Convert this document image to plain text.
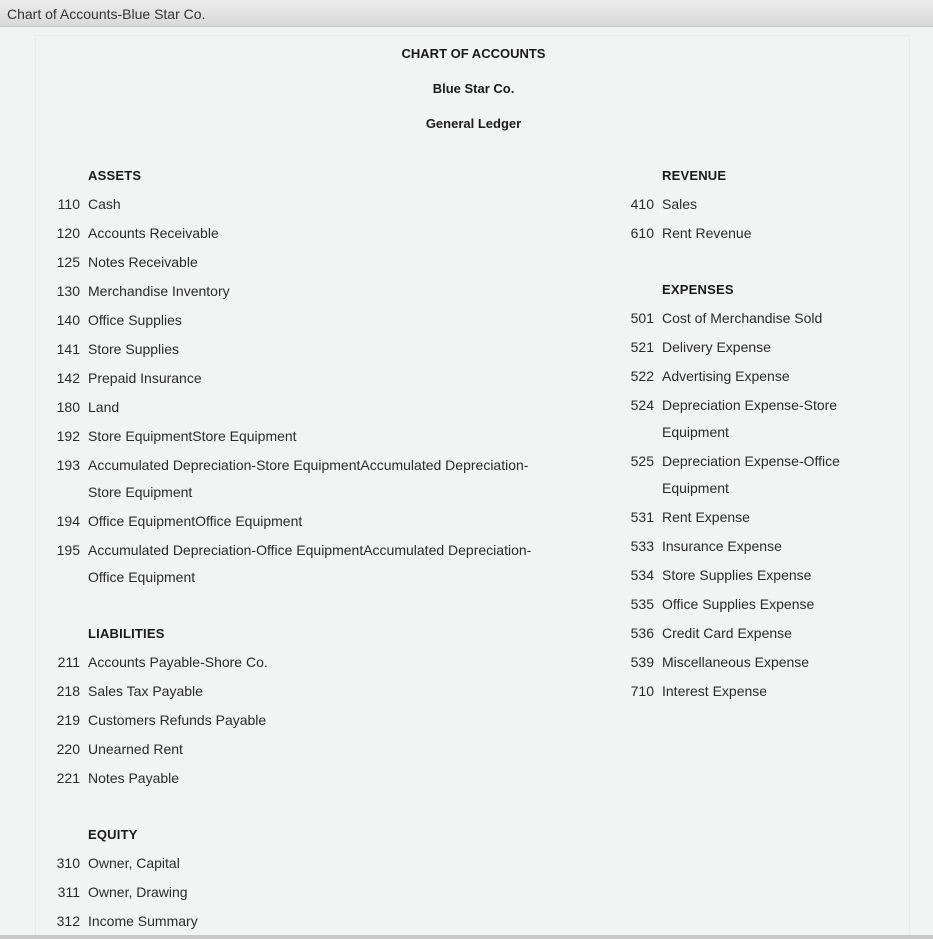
Chart of Accounts-Blue Star Co.
CHART OF ACCOUNTS
Blue Star Co.
General Ledger
ASSETS
110 Cash
120 Accounts Receivable
125 Notes Receivable
130 Merchandise Inventory
140 Office Supplies
141 Store Supplies
142 Prepaid Insurance
180 Land
192 Store EquipmentStore Equipment
193 Accumulated Depreciation-Store EquipmentAccumulated Depreciation-Store Equipment
194 Office EquipmentOffice Equipment
195 Accumulated Depreciation-Office EquipmentAccumulated Depreciation-Office Equipment
LIABILITIES
211 Accounts Payable-Shore Co.
218 Sales Tax Payable
219 Customers Refunds Payable
220 Unearned Rent
221 Notes Payable
EQUITY
310 Owner, Capital
311 Owner, Drawing
312 Income Summary
REVENUE
410 Sales
610 Rent Revenue
EXPENSES
501 Cost of Merchandise Sold
521 Delivery Expense
522 Advertising Expense
524 Depreciation Expense-Store Equipment
525 Depreciation Expense-Office Equipment
531 Rent Expense
533 Insurance Expense
534 Store Supplies Expense
535 Office Supplies Expense
536 Credit Card Expense
539 Miscellaneous Expense
710 Interest Expense
